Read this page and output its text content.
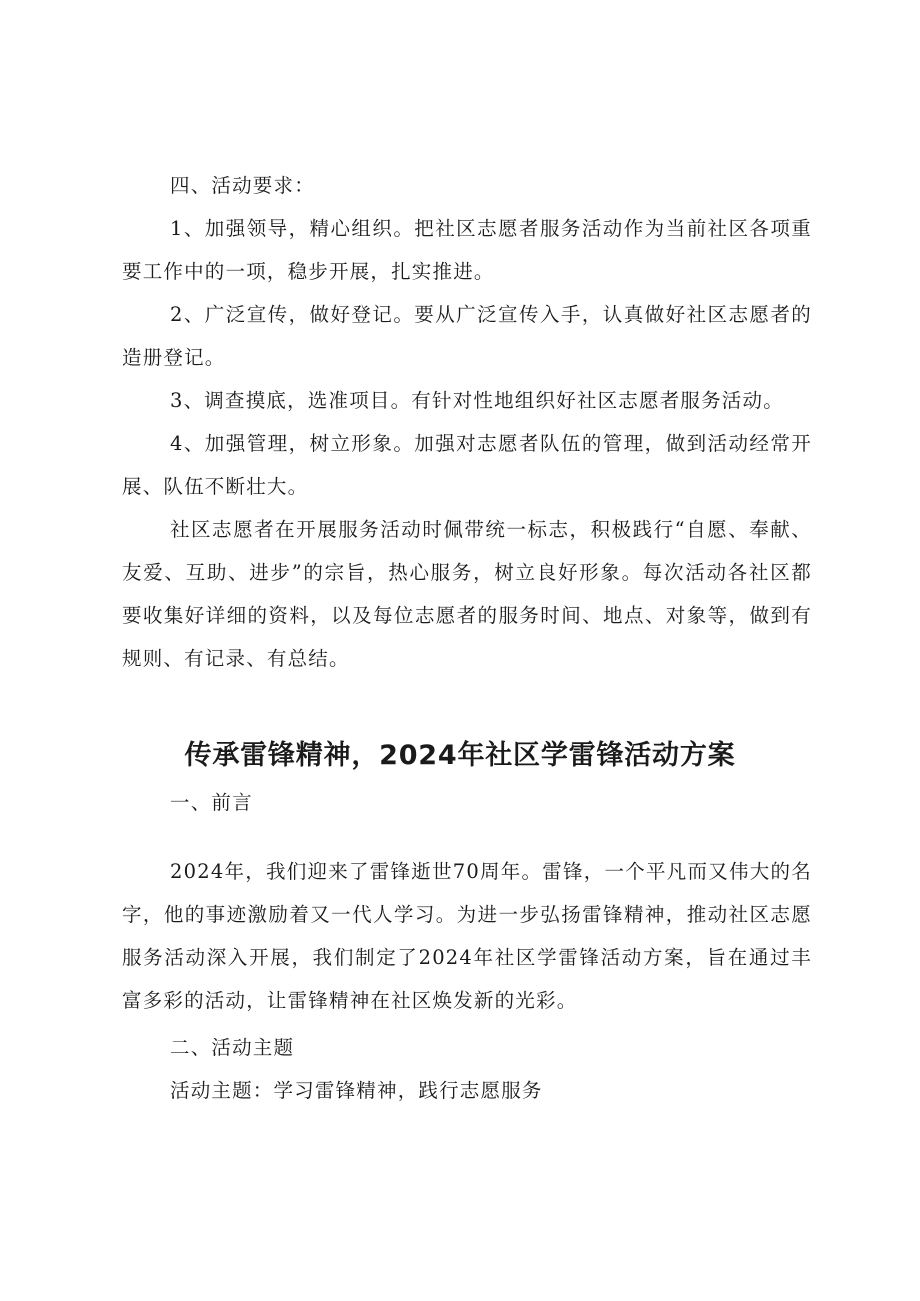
四、活动要求：

1、加强领导，精心组织。把社区志愿者服务活动作为当前社区各项重要工作中的一项，稳步开展，扎实推进。

2、广泛宣传，做好登记。要从广泛宣传入手，认真做好社区志愿者的造册登记。

3、调查摸底，选准项目。有针对性地组织好社区志愿者服务活动。

4、加强管理，树立形象。加强对志愿者队伍的管理，做到活动经常开展、队伍不断壮大。

社区志愿者在开展服务活动时佩带统一标志，积极践行“自愿、奉献、友爱、互助、进步”的宗旨，热心服务，树立良好形象。每次活动各社区都要收集好详细的资料，以及每位志愿者的服务时间、地点、对象等，做到有规则、有记录、有总结。

传承雷锋精神，2024年社区学雷锋活动方案

一、前言

2024年，我们迎来了雷锋逝世70周年。雷锋，一个平凡而又伟大的名字，他的事迹激励着又一代人学习。为进一步弘扬雷锋精神，推动社区志愿服务活动深入开展，我们制定了2024年社区学雷锋活动方案，旨在通过丰富多彩的活动，让雷锋精神在社区焕发新的光彩。

二、活动主题

活动主题：学习雷锋精神，践行志愿服务
